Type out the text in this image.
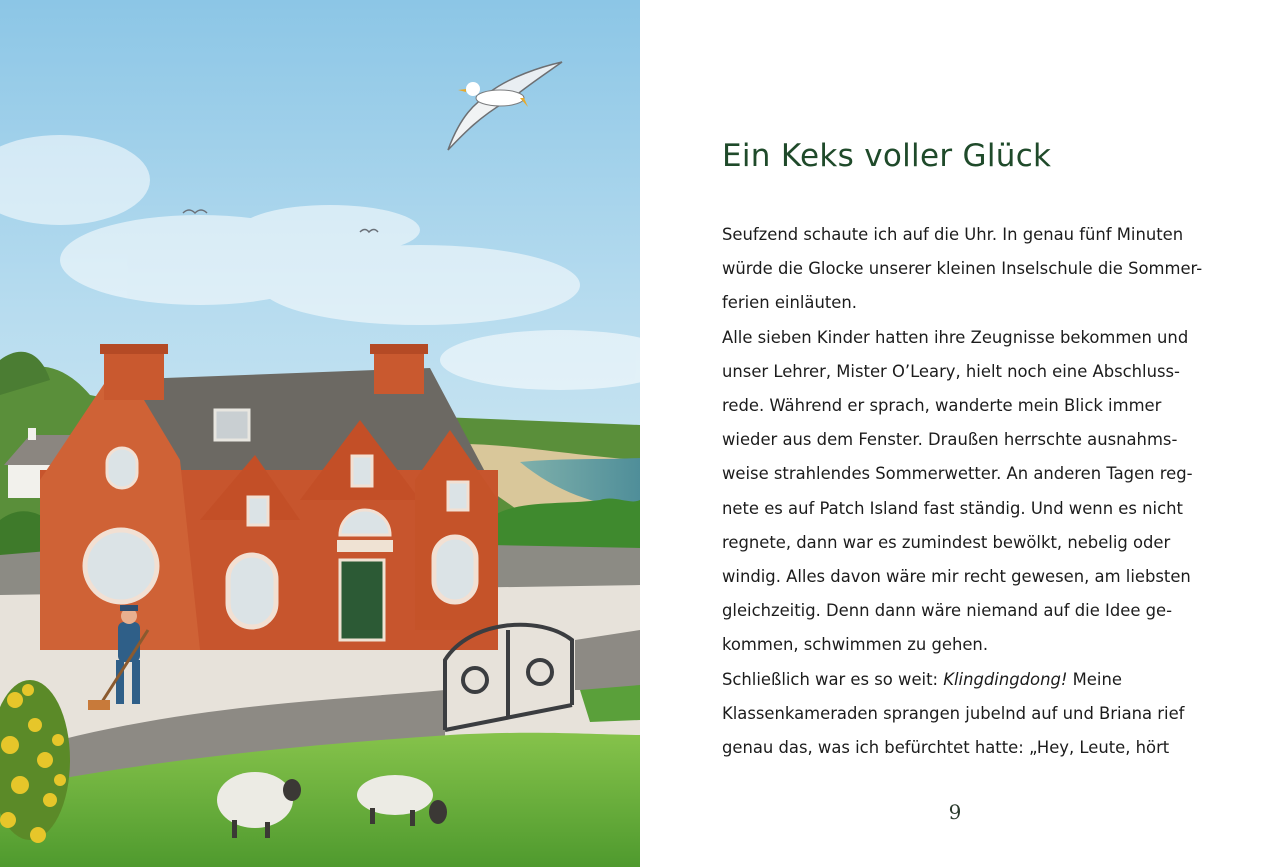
Ein Keks voller Glück
Seufzend schaute ich auf die Uhr. In genau fünf Minuten
würde die Glocke unserer kleinen Inselschule die Sommer-
ferien einläuten.
Alle sieben Kinder hatten ihre Zeugnisse bekommen und
unser Lehrer, Mister O’Leary, hielt noch eine Abschluss-
rede. Während er sprach, wanderte mein Blick immer
wieder aus dem Fenster. Draußen herrschte ausnahms-
weise strahlendes Sommerwetter. An anderen Tagen reg-
nete es auf Patch Island fast ständig. Und wenn es nicht
regnete, dann war es zumindest bewölkt, nebelig oder
windig. Alles davon wäre mir recht gewesen, am liebsten
gleichzeitig. Denn dann wäre niemand auf die Idee ge-
kommen, schwimmen zu gehen.
Schließlich war es so weit: Klingdingdong! Meine
Klassenkameraden sprangen jubelnd auf und Briana rief
genau das, was ich befürchtet hatte: „Hey, Leute, hört
9
